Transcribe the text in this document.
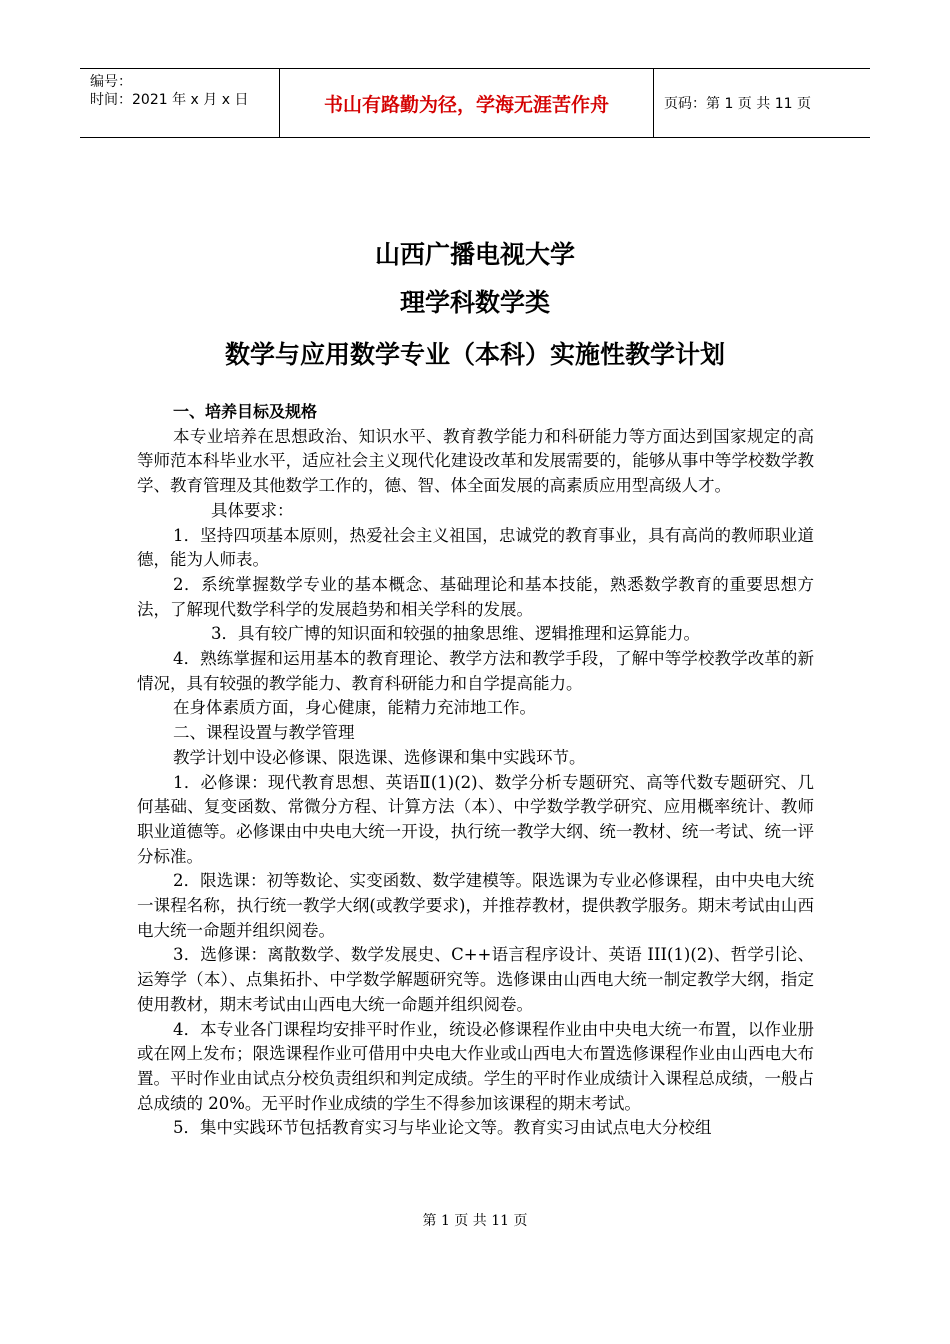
编号：
时间：2021 年 x 月 x 日	书山有路勤为径，学海无涯苦作舟	页码：第 1 页 共 11 页
山西广播电视大学
理学科数学类
数学与应用数学专业（本科）实施性教学计划

一、培养目标及规格

本专业培养在思想政治、知识水平、教育教学能力和科研能力等方面达到国家规定的高等师范本科毕业水平，适应社会主义现代化建设改革和发展需要的，能够从事中等学校数学教学、教育管理及其他数学工作的，德、智、体全面发展的高素质应用型高级人才。

具体要求：

1．坚持四项基本原则，热爱社会主义祖国，忠诚党的教育事业，具有高尚的教师职业道德，能为人师表。

2．系统掌握数学专业的基本概念、基础理论和基本技能，熟悉数学教育的重要思想方法，了解现代数学科学的发展趋势和相关学科的发展。

3．具有较广博的知识面和较强的抽象思维、逻辑推理和运算能力。

4．熟练掌握和运用基本的教育理论、教学方法和教学手段，了解中等学校教学改革的新情况，具有较强的教学能力、教育科研能力和自学提高能力。

在身体素质方面，身心健康，能精力充沛地工作。

二、课程设置与教学管理

教学计划中设必修课、限选课、选修课和集中实践环节。

1．必修课：现代教育思想、英语Ⅱ(1)(2)、数学分析专题研究、高等代数专题研究、几何基础、复变函数、常微分方程、计算方法（本）、中学数学教学研究、应用概率统计、教师职业道德等。必修课由中央电大统一开设，执行统一教学大纲、统一教材、统一考试、统一评分标准。

2．限选课：初等数论、实变函数、数学建模等。限选课为专业必修课程，由中央电大统一课程名称，执行统一教学大纲(或教学要求)，并推荐教材，提供教学服务。期末考试由山西电大统一命题并组织阅卷。

3．选修课：离散数学、数学发展史、C++语言程序设计、英语 III(1)(2)、哲学引论、运筹学（本）、点集拓扑、中学数学解题研究等。选修课由山西电大统一制定教学大纲，指定使用教材，期末考试由山西电大统一命题并组织阅卷。

4．本专业各门课程均安排平时作业，统设必修课程作业由中央电大统一布置，以作业册或在网上发布；限选课程作业可借用中央电大作业或山西电大布置选修课程作业由山西电大布置。平时作业由试点分校负责组织和判定成绩。学生的平时作业成绩计入课程总成绩，一般占总成绩的 20%。无平时作业成绩的学生不得参加该课程的期末考试。

5．集中实践环节包括教育实习与毕业论文等。教育实习由试点电大分校组

第 1 页 共 11 页
